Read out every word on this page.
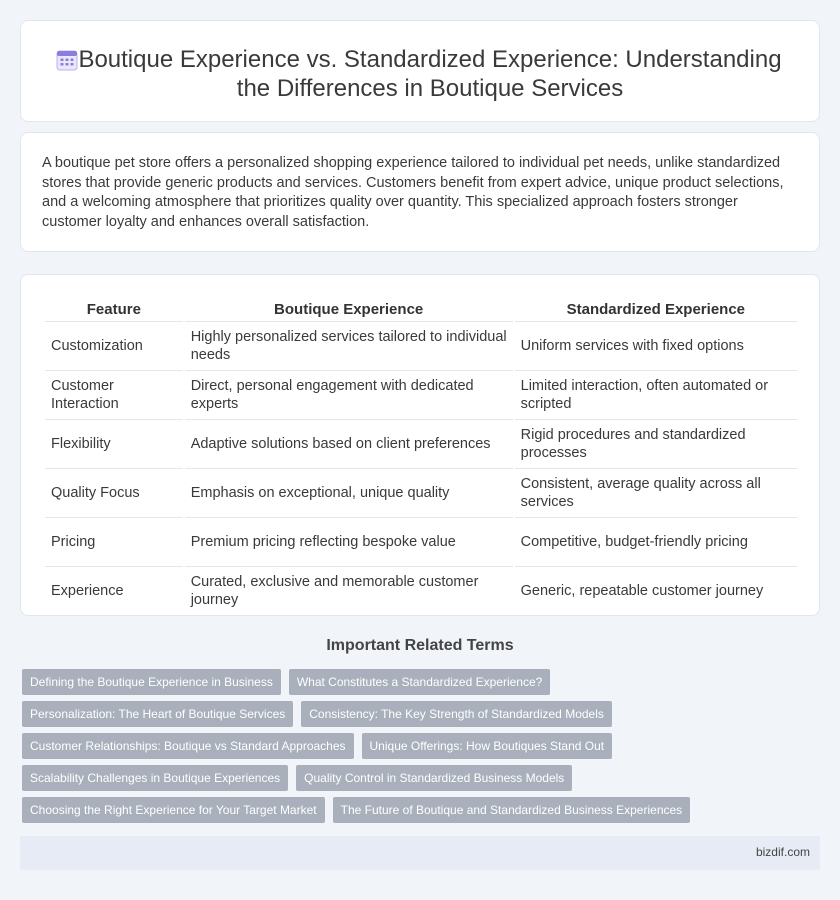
Boutique Experience vs. Standardized Experience: Understanding the Differences in Boutique Services

A boutique pet store offers a personalized shopping experience tailored to individual pet needs, unlike standardized stores that provide generic products and services. Customers benefit from expert advice, unique product selections, and a welcoming atmosphere that prioritizes quality over quantity. This specialized approach fosters stronger customer loyalty and enhances overall satisfaction.

Feature	Boutique Experience	Standardized Experience
Customization	Highly personalized services tailored to individual needs	Uniform services with fixed options
Customer Interaction	Direct, personal engagement with dedicated experts	Limited interaction, often automated or scripted
Flexibility	Adaptive solutions based on client preferences	Rigid procedures and standardized processes
Quality Focus	Emphasis on exceptional, unique quality	Consistent, average quality across all services
Pricing	Premium pricing reflecting bespoke value	Competitive, budget-friendly pricing
Experience	Curated, exclusive and memorable customer journey	Generic, repeatable customer journey
Important Related Terms
Defining the Boutique Experience in Business	What Constitutes a Standardized Experience?
Personalization: The Heart of Boutique Services	Consistency: The Key Strength of Standardized Models
Customer Relationships: Boutique vs Standard Approaches	Unique Offerings: How Boutiques Stand Out
Scalability Challenges in Boutique Experiences	Quality Control in Standardized Business Models
Choosing the Right Experience for Your Target Market	The Future of Boutique and Standardized Business Experiences
bizdif.com
